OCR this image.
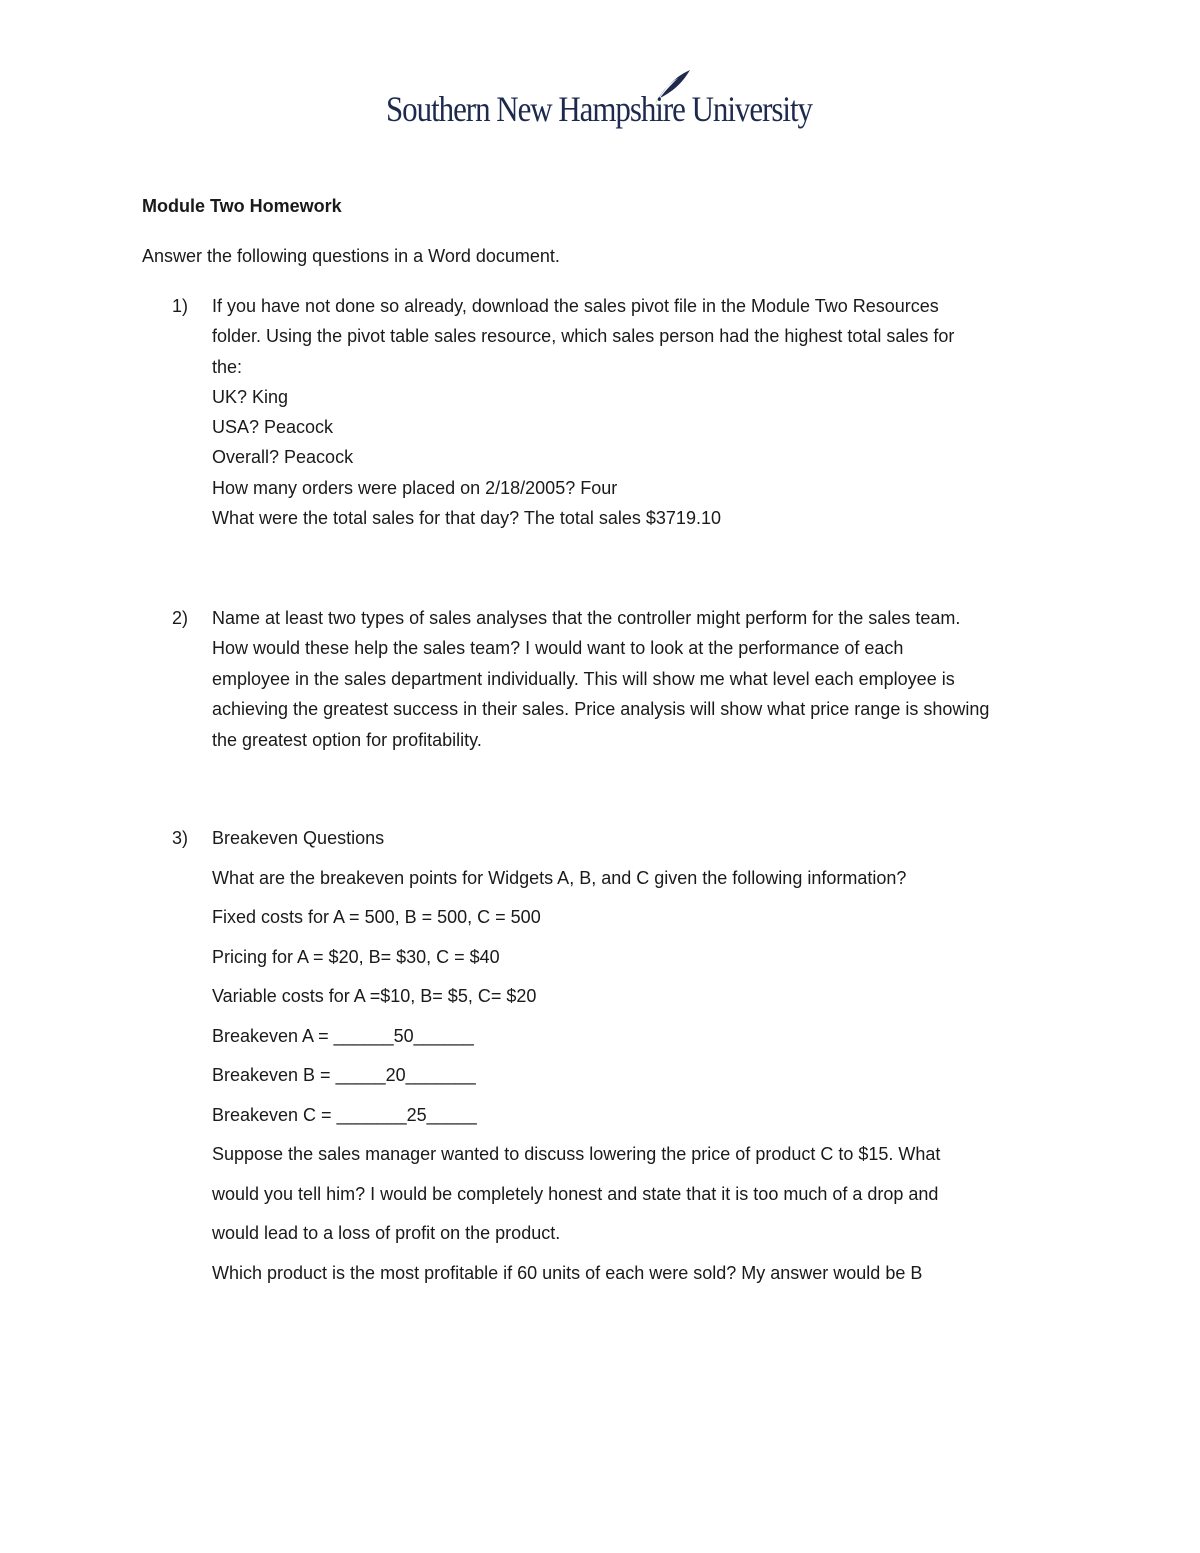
Southern New Hampshire University
Module Two Homework
Answer the following questions in a Word document.
1) If you have not done so already, download the sales pivot file in the Module Two Resources
folder. Using the pivot table sales resource, which sales person had the highest total sales for
the:
UK? King
USA? Peacock
Overall? Peacock
How many orders were placed on 2/18/2005? Four
What were the total sales for that day? The total sales $3719.10
2) Name at least two types of sales analyses that the controller might perform for the sales team.
How would these help the sales team? I would want to look at the performance of each
employee in the sales department individually. This will show me what level each employee is
achieving the greatest success in their sales. Price analysis will show what price range is showing
the greatest option for profitability.
3) Breakeven Questions
What are the breakeven points for Widgets A, B, and C given the following information?
Fixed costs for A = 500, B = 500, C = 500
Pricing for A = $20, B= $30, C = $40
Variable costs for A =$10, B= $5, C= $20
Breakeven A = ______50______
Breakeven B = _____20_______
Breakeven C = _______25_____
Suppose the sales manager wanted to discuss lowering the price of product C to $15. What
would you tell him? I would be completely honest and state that it is too much of a drop and
would lead to a loss of profit on the product.
Which product is the most profitable if 60 units of each were sold? My answer would be B
